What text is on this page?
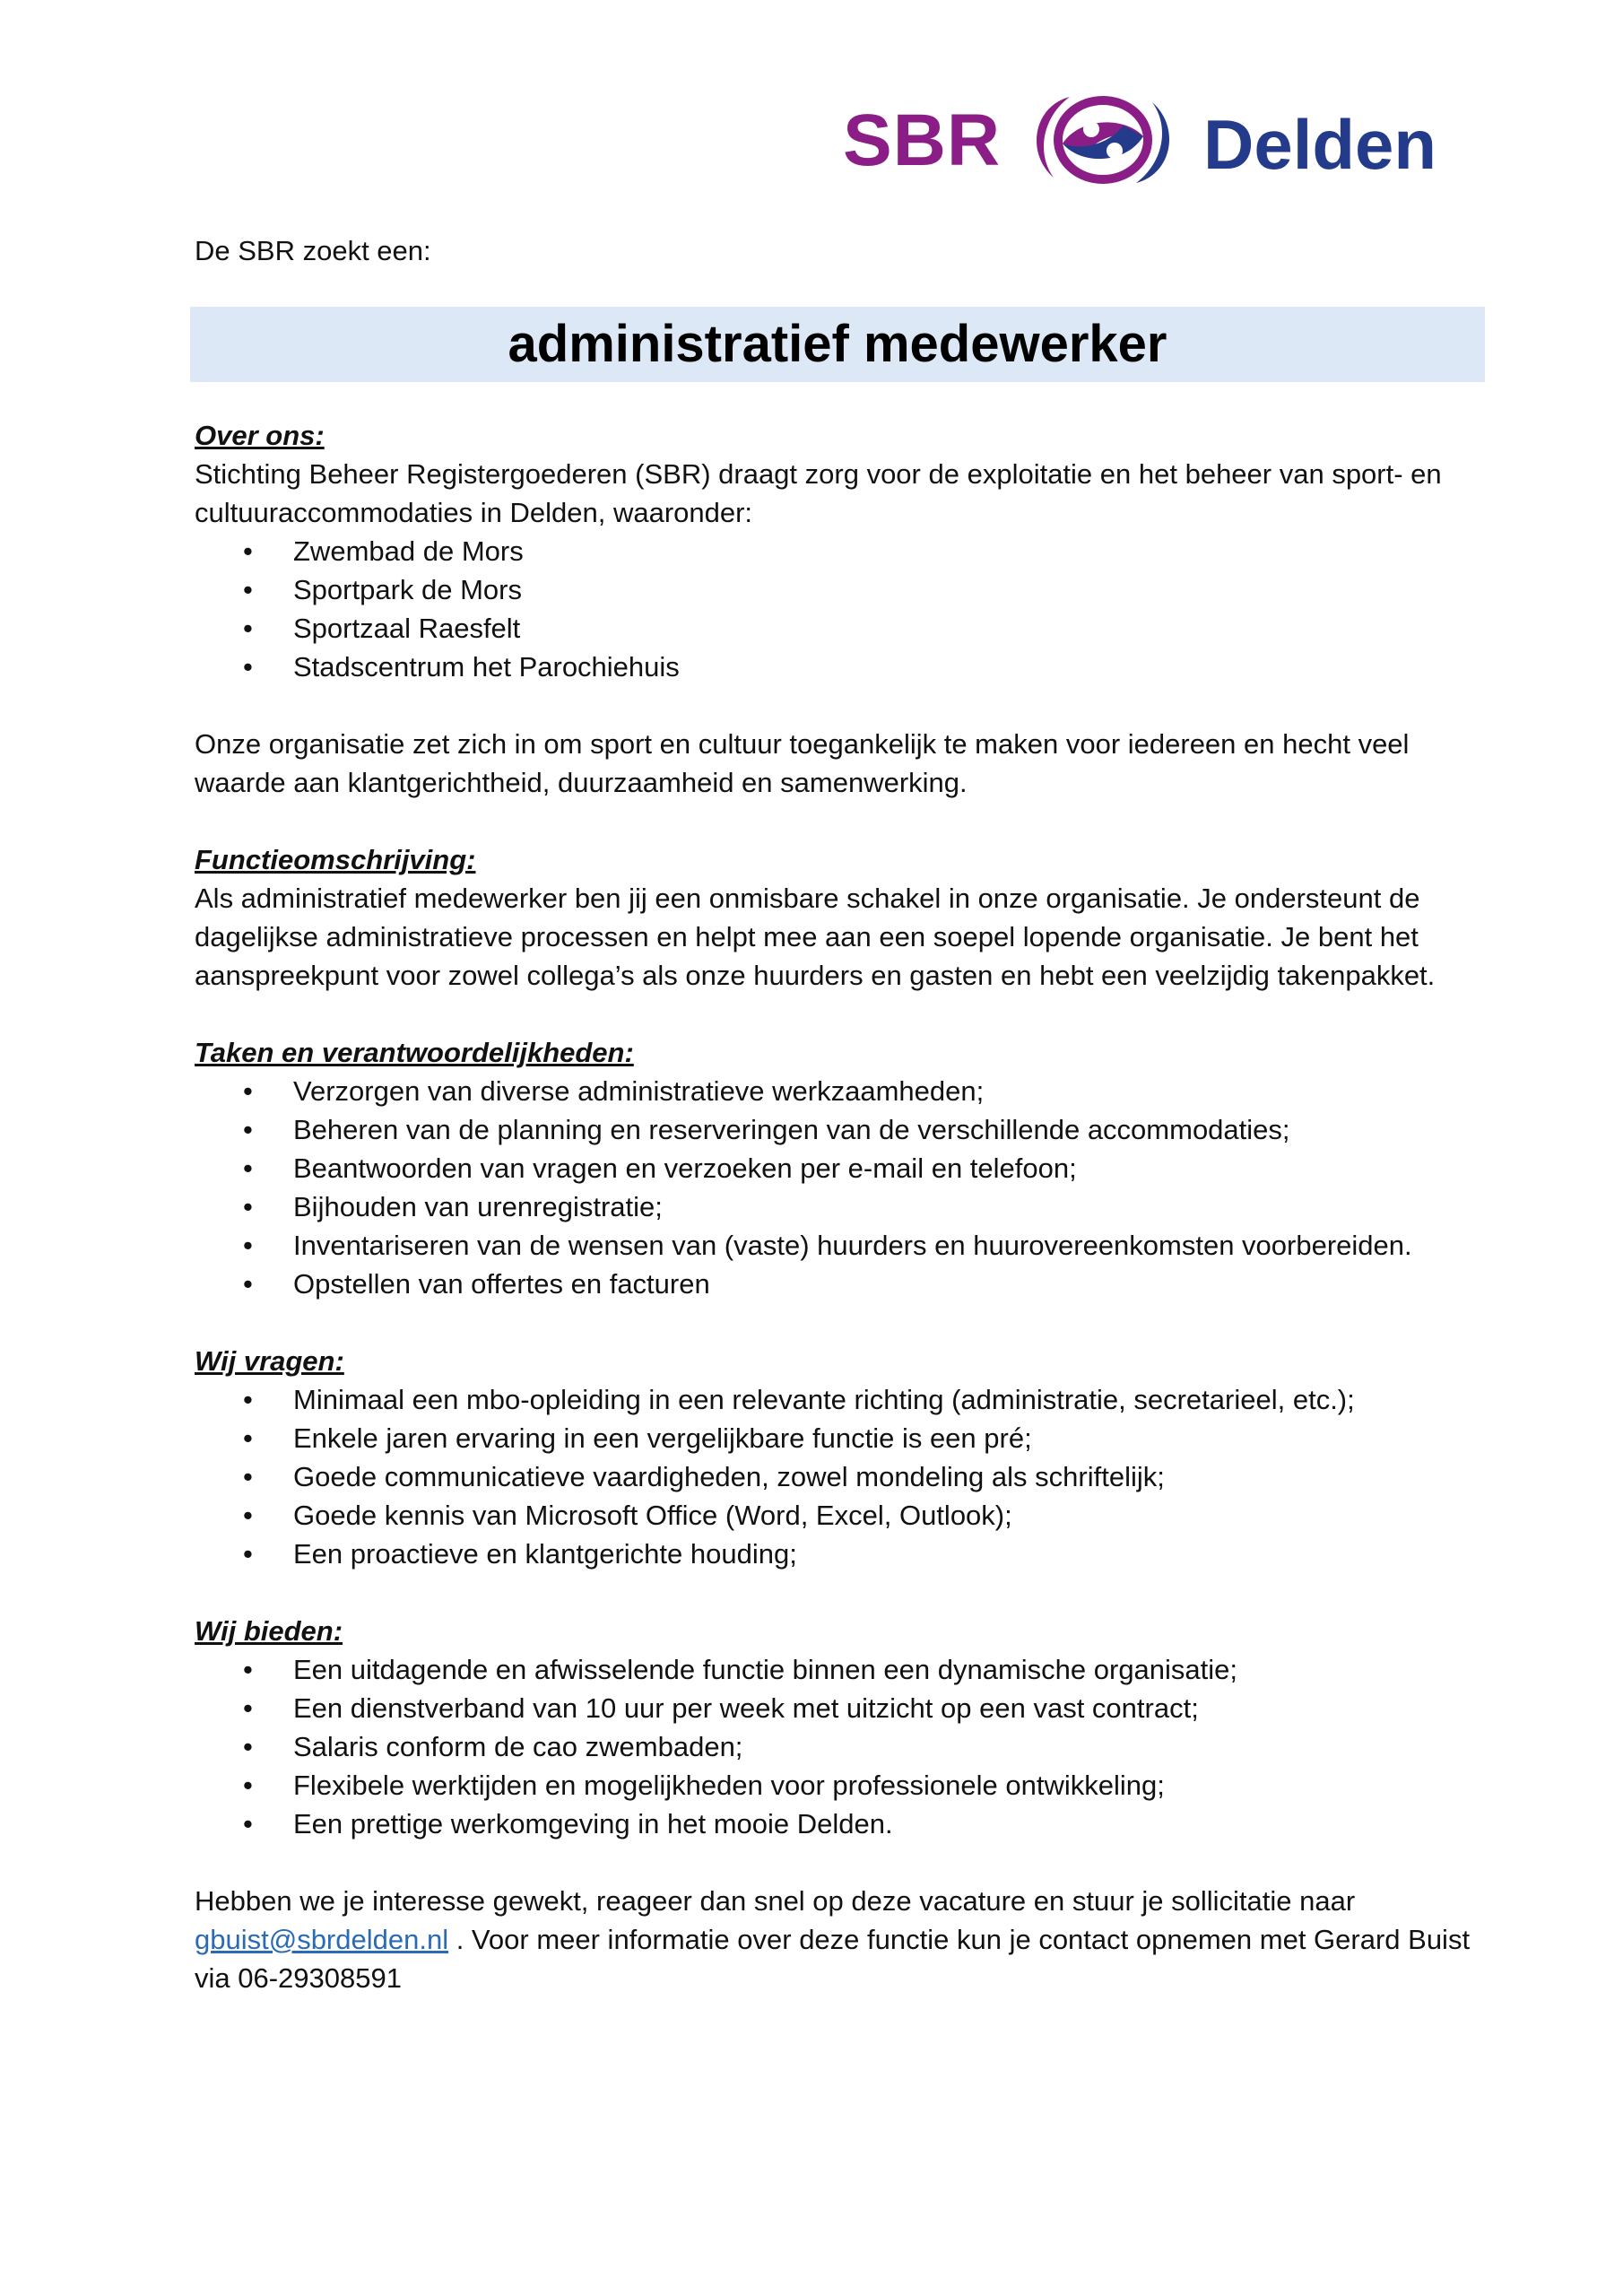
SBR	Delden
De SBR zoekt een:
administratief medewerker
Over ons:

Stichting Beheer Registergoederen (SBR) draagt zorg voor de exploitatie en het beheer van sport- en cultuuraccommodaties in Delden, waaronder:

• Zwembad de Mors
• Sportpark de Mors
• Sportzaal Raesfelt
• Stadscentrum het Parochiehuis

Onze organisatie zet zich in om sport en cultuur toegankelijk te maken voor iedereen en hecht veel waarde aan klantgerichtheid, duurzaamheid en samenwerking.

Functieomschrijving:

Als administratief medewerker ben jij een onmisbare schakel in onze organisatie. Je ondersteunt de dagelijkse administratieve processen en helpt mee aan een soepel lopende organisatie. Je bent het aanspreekpunt voor zowel collega’s als onze huurders en gasten en hebt een veelzijdig takenpakket.

Taken en verantwoordelijkheden:
• Verzorgen van diverse administratieve werkzaamheden;
• Beheren van de planning en reserveringen van de verschillende accommodaties;
• Beantwoorden van vragen en verzoeken per e-mail en telefoon;
• Bijhouden van urenregistratie;
• Inventariseren van de wensen van (vaste) huurders en huurovereenkomsten voorbereiden.
• Opstellen van offertes en facturen
Wij vragen:
• Minimaal een mbo-opleiding in een relevante richting (administratie, secretarieel, etc.);
• Enkele jaren ervaring in een vergelijkbare functie is een pré;
• Goede communicatieve vaardigheden, zowel mondeling als schriftelijk;
• Goede kennis van Microsoft Office (Word, Excel, Outlook);
• Een proactieve en klantgerichte houding;
Wij bieden:
• Een uitdagende en afwisselende functie binnen een dynamische organisatie;
• Een dienstverband van 10 uur per week met uitzicht op een vast contract;
• Salaris conform de cao zwembaden;
• Flexibele werktijden en mogelijkheden voor professionele ontwikkeling;
• Een prettige werkomgeving in het mooie Delden.

Hebben we je interesse gewekt, reageer dan snel op deze vacature en stuur je sollicitatie naar gbuist@sbrdelden.nl . Voor meer informatie over deze functie kun je contact opnemen met Gerard Buist via 06-29308591
